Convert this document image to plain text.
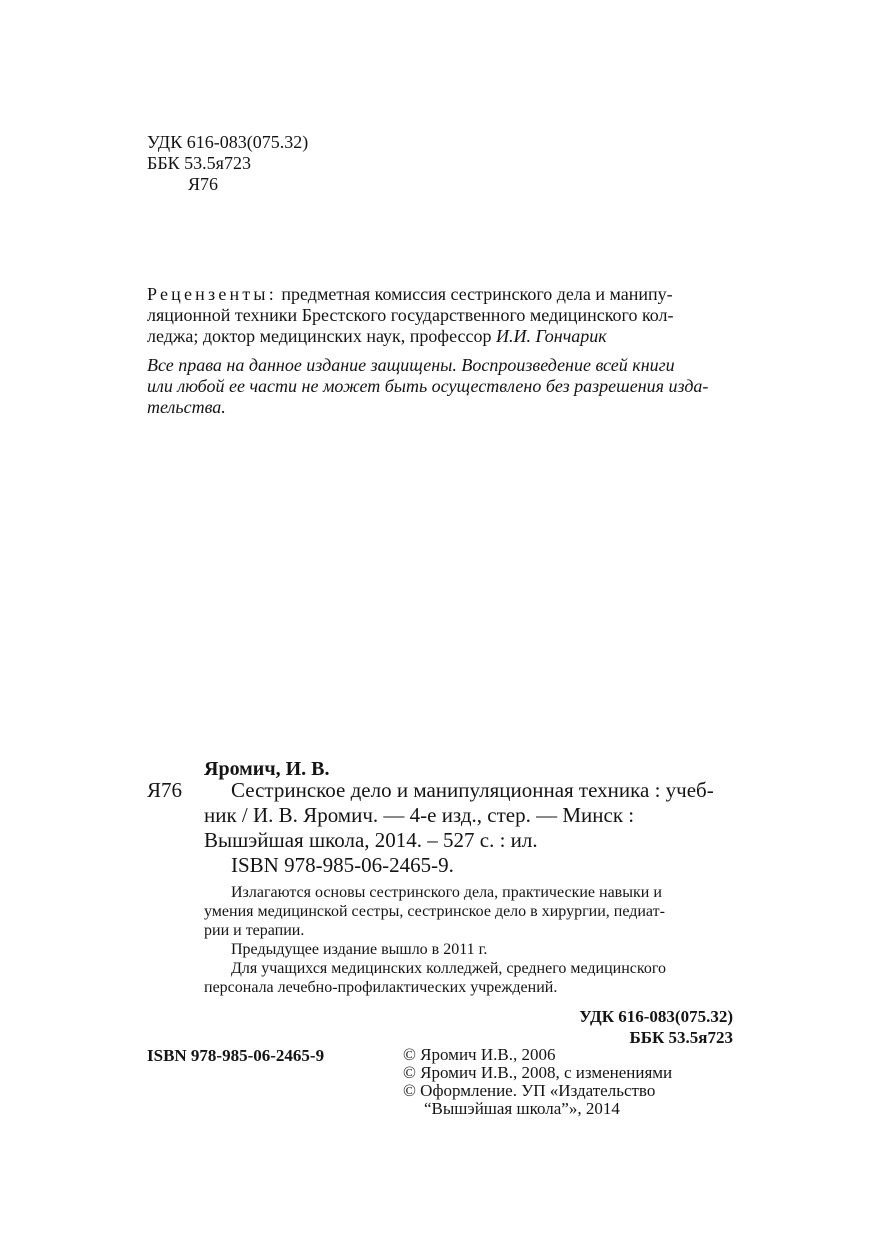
УДК 616-083(075.32)
ББК 53.5я723
Я76
Рецензенты: предметная комиссия сестринского дела и манипу-
ляционной техники Брестского государственного медицинского кол-
леджа; доктор медицинских наук, профессор И.И. Гончарик
Все права на данное издание защищены. Воспроизведение всей книги
или любой ее части не может быть осуществлено без разрешения изда-
тельства.
Яромич, И. В.
Я76	Сестринское дело и манипуляционная техника : учеб-

ник / И. В. Яромич. — 4-е изд., стер. — Минск :

Вышэйшая школа, 2014. – 527 с. : ил.

ISBN 978-985-06-2465-9.

Излагаются основы сестринского дела, практические навыки и
умения медицинской сестры, сестринское дело в хирургии, педиат-
рии и терапии.
Предыдущее издание вышло в 2011 г.
Для учащихся медицинских колледжей, среднего медицинского
персонала лечебно-профилактических учреждений.
УДК 616-083(075.32)
ББК 53.5я723
ISBN 978-985-06-2465-9	© Яромич И.В., 2006
© Яромич И.В., 2008, с изменениями
© Оформление. УП «Издательство
“Вышэйшая школа”», 2014
